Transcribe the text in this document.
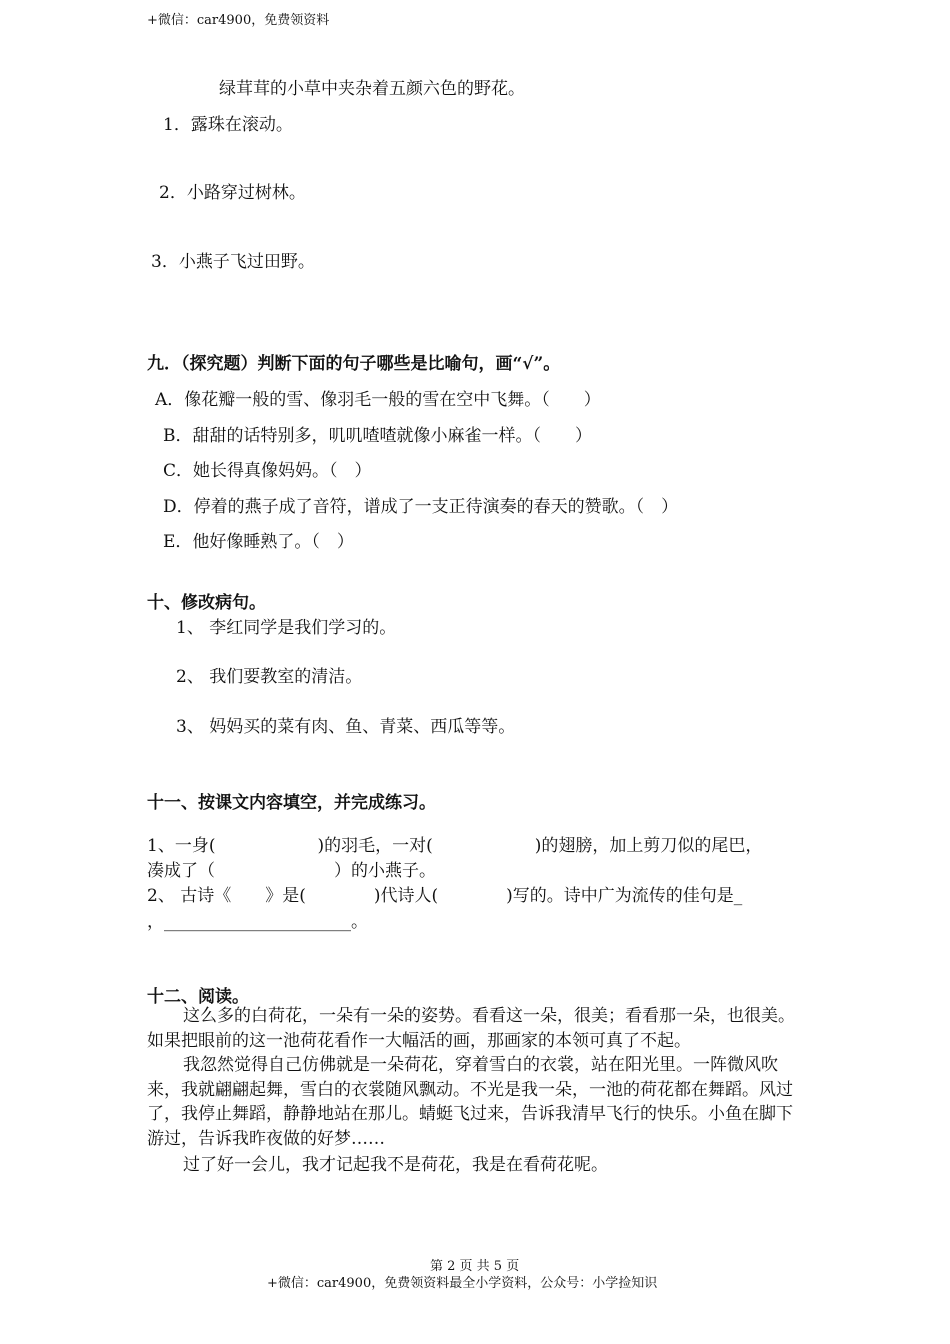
+微信：car4900，免费领资料
绿茸茸的小草中夹杂着五颜六色的野花。
1．露珠在滚动。
2．小路穿过树林。
3．小燕子飞过田野。
九．（探究题）判断下面的句子哪些是比喻句，画“√”。
A．像花瓣一般的雪、像羽毛一般的雪在空中飞舞。（　　）
B．甜甜的话特别多，叽叽喳喳就像小麻雀一样。（　　）
C．她长得真像妈妈。（　）
D．停着的燕子成了音符，谱成了一支正待演奏的春天的赞歌。（　）
E．他好像睡熟了。（　）
十、修改病句。
1、 李红同学是我们学习的。
2、 我们要教室的清洁。
3、 妈妈买的菜有肉、鱼、青菜、西瓜等等。
十一、按课文内容填空，并完成练习。
1、一身(　　　　　　)的羽毛，一对(　　　　　　)的翅膀，加上剪刀似的尾巴，
凑成了（　　　　　　　）的小燕子。
2、 古诗《　　》是(　　　　)代诗人(　　　　)写的。诗中广为流传的佳句是_
，______________________。
十二、阅读。
这么多的白荷花，一朵有一朵的姿势。看看这一朵，很美；看看那一朵，也很美。如果把眼前的这一池荷花看作一大幅活的画，那画家的本领可真了不起。
我忽然觉得自己仿佛就是一朵荷花，穿着雪白的衣裳，站在阳光里。一阵微风吹来，我就翩翩起舞，雪白的衣裳随风飘动。不光是我一朵，一池的荷花都在舞蹈。风过了，我停止舞蹈，静静地站在那儿。蜻蜓飞过来，告诉我清早飞行的快乐。小鱼在脚下游过，告诉我昨夜做的好梦……
过了好一会儿，我才记起我不是荷花，我是在看荷花呢。
第 2 页 共 5 页
+微信：car4900，免费领资料最全小学资料，公众号：小学捡知识
